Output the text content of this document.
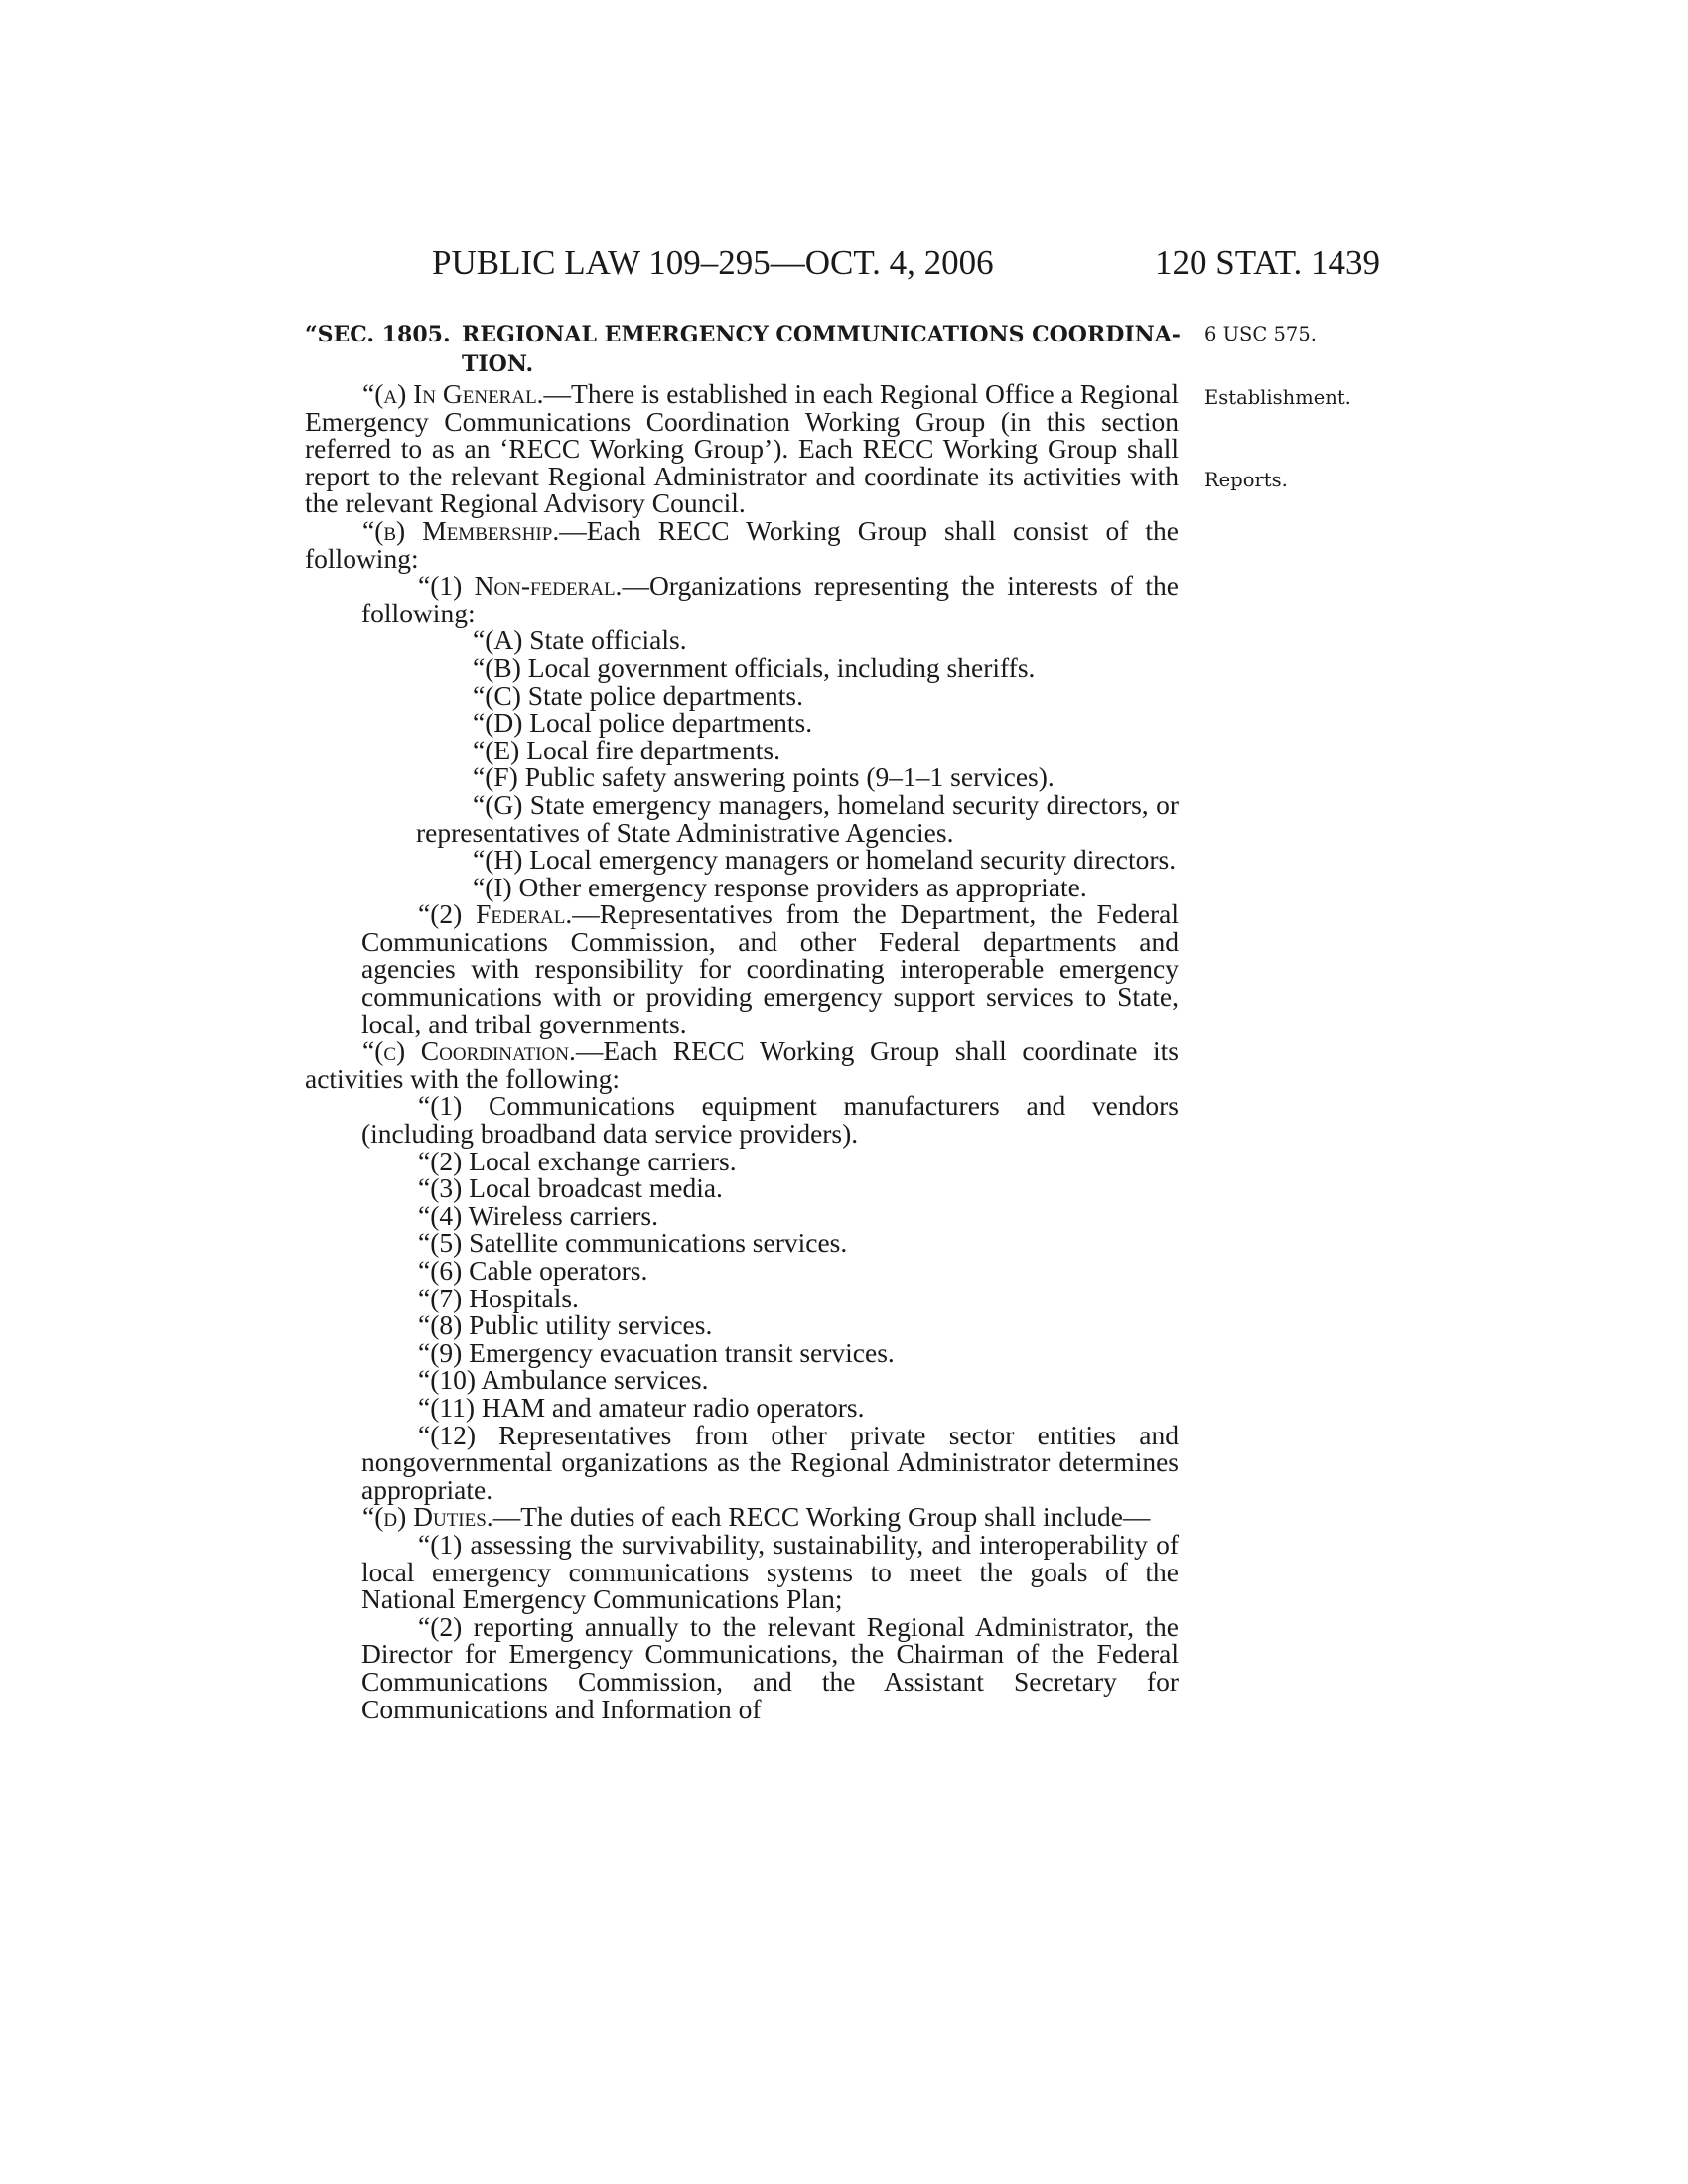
PUBLIC LAW 109–295—OCT. 4, 2006	120 STAT. 1439
“SEC. 1805. REGIONAL EMERGENCY COMMUNICATIONS COORDINA-
TION.
6 USC 575.
Establishment.
Reports.

“(a) In General.—There is established in each Regional Office a Regional Emergency Communications Coordination Working Group (in this section referred to as an ‘RECC Working Group’). Each RECC Working Group shall report to the relevant Regional Administrator and coordinate its activities with the relevant Regional Advisory Council.

“(b) Membership.—Each RECC Working Group shall consist of the following:

“(1) Non-federal.—Organizations representing the interests of the following:

“(A) State officials.

“(B) Local government officials, including sheriffs.

“(C) State police departments.

“(D) Local police departments.

“(E) Local fire departments.

“(F) Public safety answering points (9–1–1 services).

“(G) State emergency managers, homeland security directors, or representatives of State Administrative Agencies.

“(H) Local emergency managers or homeland security directors.

“(I) Other emergency response providers as appropriate.

“(2) Federal.—Representatives from the Department, the Federal Communications Commission, and other Federal departments and agencies with responsibility for coordinating interoperable emergency communications with or providing emergency support services to State, local, and tribal governments.

“(c) Coordination.—Each RECC Working Group shall coordinate its activities with the following:

“(1) Communications equipment manufacturers and vendors (including broadband data service providers).

“(2) Local exchange carriers.

“(3) Local broadcast media.

“(4) Wireless carriers.

“(5) Satellite communications services.

“(6) Cable operators.

“(7) Hospitals.

“(8) Public utility services.

“(9) Emergency evacuation transit services.

“(10) Ambulance services.

“(11) HAM and amateur radio operators.

“(12) Representatives from other private sector entities and nongovernmental organizations as the Regional Administrator determines appropriate.

“(d) Duties.—The duties of each RECC Working Group shall include—

“(1) assessing the survivability, sustainability, and interoperability of local emergency communications systems to meet the goals of the National Emergency Communications Plan;

“(2) reporting annually to the relevant Regional Administrator, the Director for Emergency Communications, the Chairman of the Federal Communications Commission, and the Assistant Secretary for Communications and Information of
